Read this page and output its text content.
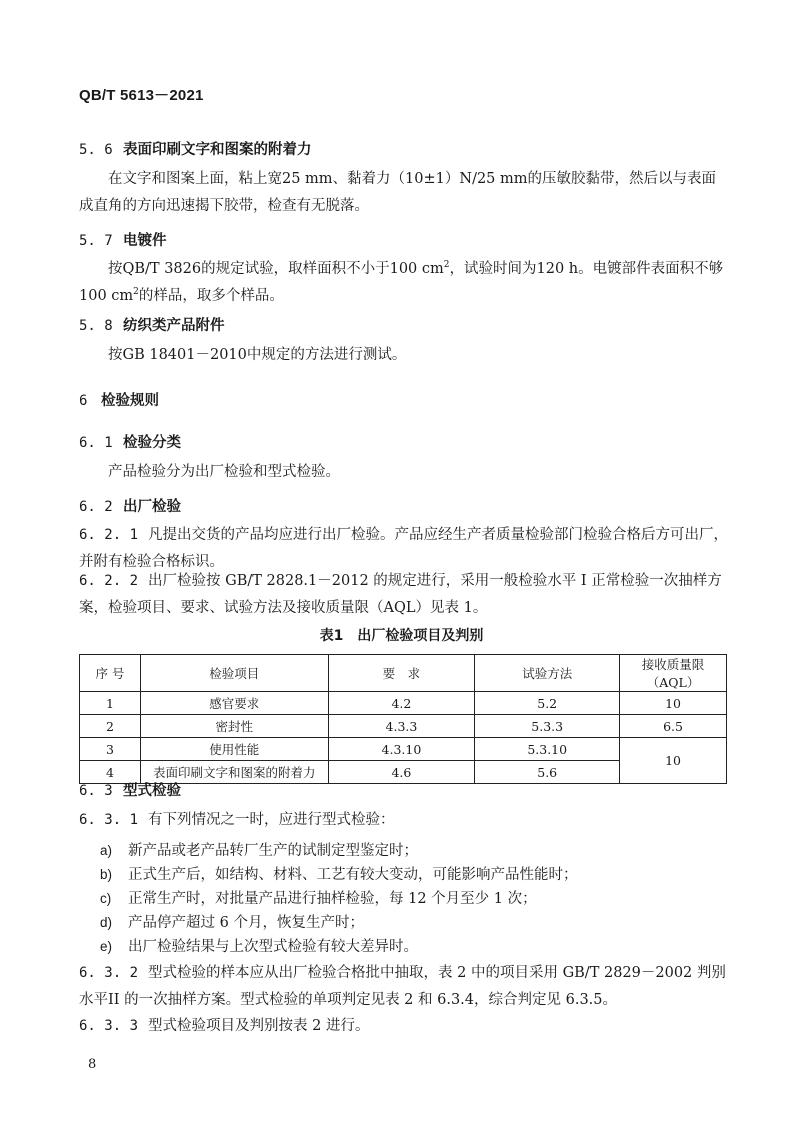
QB/T 5613－2021
5. 6 表面印刷文字和图案的附着力
在文字和图案上面，粘上宽25 mm、黏着力（10±1）N/25 mm的压敏胶黏带，然后以与表面成直角的方向迅速揭下胶带，检查有无脱落。
5. 7 电镀件
按QB/T 3826的规定试验，取样面积不小于100 $cm^2$，试验时间为120 h。电镀部件表面积不够100 $cm^2$的样品，取多个样品。
5. 8 纺织类产品附件
按GB 18401－2010中规定的方法进行测试。
6 检验规则
6. 1 检验分类
产品检验分为出厂检验和型式检验。
6. 2 出厂检验
6. 2. 1 凡提出交货的产品均应进行出厂检验。产品应经生产者质量检验部门检验合格后方可出厂，并附有检验合格标识。
6. 2. 2 出厂检验按 GB/T 2828.1－2012 的规定进行，采用一般检验水平 I 正常检验一次抽样方案，检验项目、要求、试验方法及接收质量限（AQL）见表 1。
表1　出厂检验项目及判别
序 号	检验项目	要　求	试验方法	接收质量限（AQL）
1	感官要求	4.2	5.2	10
2	密封性	4.3.3	5.3.3	6.5
3	使用性能	4.3.10	5.3.10	10
4	表面印刷文字和图案的附着力	4.6	5.6	
6. 3 型式检验
6. 3. 1 有下列情况之一时，应进行型式检验：
a) 新产品或老产品转厂生产的试制定型鉴定时；
b) 正式生产后，如结构、材料、工艺有较大变动，可能影响产品性能时；
c) 正常生产时，对批量产品进行抽样检验，每 12 个月至少 1 次；
d) 产品停产超过 6 个月，恢复生产时；
e) 出厂检验结果与上次型式检验有较大差异时。
6. 3. 2 型式检验的样本应从出厂检验合格批中抽取，表 2 中的项目采用 GB/T 2829－2002 判别水平II 的一次抽样方案。型式检验的单项判定见表 2 和 6.3.4，综合判定见 6.3.5。
6. 3. 3 型式检验项目及判别按表 2 进行。
8
